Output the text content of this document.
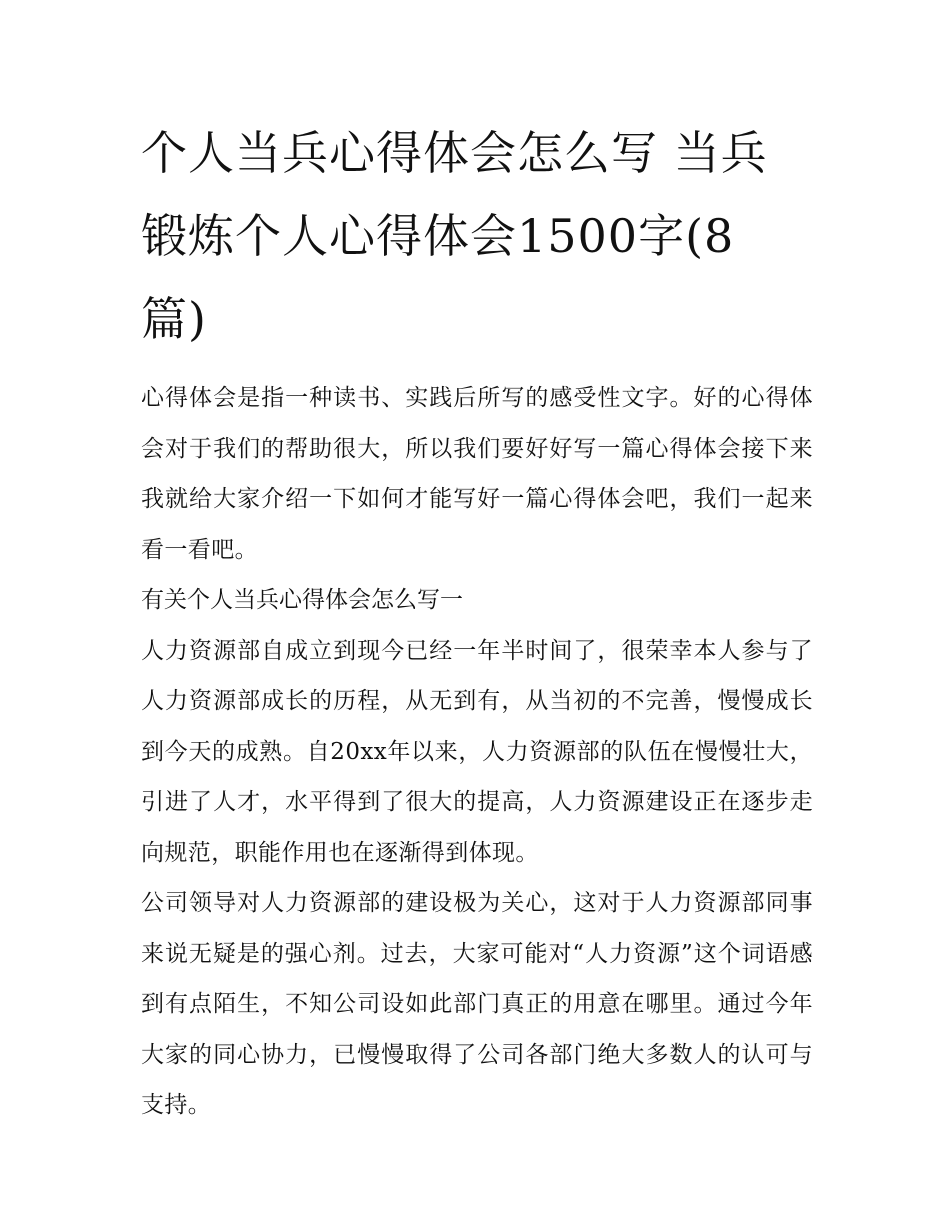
个人当兵心得体会怎么写 当兵
锻炼个人心得体会1500字(8
篇)

心得体会是指一种读书、实践后所写的感受性文字。好的心得体会对于我们的帮助很大，所以我们要好好写一篇心得体会接下来我就给大家介绍一下如何才能写好一篇心得体会吧，我们一起来看一看吧。

有关个人当兵心得体会怎么写一

人力资源部自成立到现今已经一年半时间了，很荣幸本人参与了人力资源部成长的历程，从无到有，从当初的不完善，慢慢成长到今天的成熟。自20xx年以来，人力资源部的队伍在慢慢壮大，引进了人才，水平得到了很大的提高，人力资源建设正在逐步走向规范，职能作用也在逐渐得到体现。

公司领导对人力资源部的建设极为关心，这对于人力资源部同事来说无疑是的强心剂。过去，大家可能对“人力资源”这个词语感到有点陌生，不知公司设如此部门真正的用意在哪里。通过今年大家的同心协力，已慢慢取得了公司各部门绝大多数人的认可与支持。
